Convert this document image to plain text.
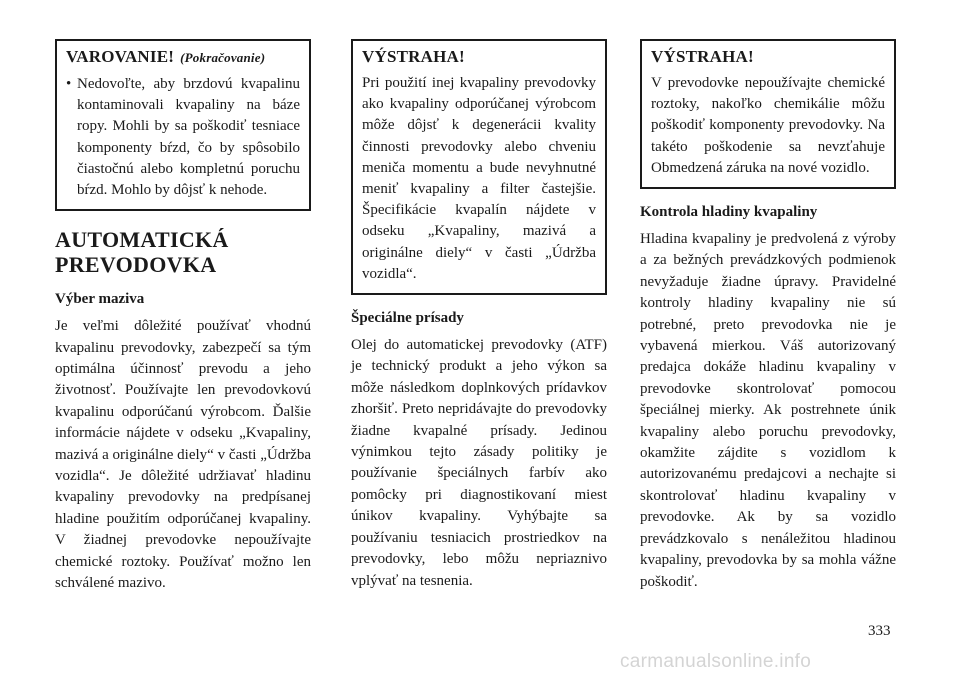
VAROVANIE! (Pokračovanie)
• Nedovoľte, aby brzdovú kvapalinu kontaminovali kvapaliny na báze ropy. Mohli by sa poškodiť tesniace komponenty bŕzd, čo by spôsobilo čiastočnú alebo kompletnú poruchu bŕzd. Mohlo by dôjsť k nehode.

AUTOMATICKÁ PREVODOVKA
Výber maziva

Je veľmi dôležité používať vhodnú kvapalinu prevodovky, zabezpečí sa tým optimálna účinnosť prevodu a jeho životnosť. Používajte len prevodovkovú kvapalinu odporúčanú výrobcom. Ďalšie informácie nájdete v odseku „Kvapaliny, mazivá a originálne diely“ v časti „Údržba vozidla“. Je dôležité udržiavať hladinu kvapaliny prevodovky na predpísanej hladine použitím odporúčanej kvapaliny. V žiadnej prevodovke nepoužívajte chemické roztoky. Používať možno len schválené mazivo.

VÝSTRAHA!

Pri použití inej kvapaliny prevodovky ako kvapaliny odporúčanej výrobcom môže dôjsť k degenerácii kvality činnosti prevodovky alebo chveniu meniča momentu a bude nevyhnutné meniť kvapaliny a filter častejšie. Špecifikácie kvapalín nájdete v odseku „Kvapaliny, mazivá a originálne diely“ v časti „Údržba vozidla“.

Špeciálne prísady

Olej do automatickej prevodovky (ATF) je technický produkt a jeho výkon sa môže následkom doplnkových prídavkov zhoršiť. Preto nepridávajte do prevodovky žiadne kvapalné prísady. Jedinou výnimkou tejto zásady politiky je používanie špeciálnych farbív ako pomôcky pri diagnostikovaní miest únikov kvapaliny. Vyhýbajte sa používaniu tesniacich prostriedkov na prevodovky, lebo môžu nepriaznivo vplývať na tesnenia.

VÝSTRAHA!

V prevodovke nepoužívajte chemické roztoky, nakoľko chemikálie môžu poškodiť komponenty prevodovky. Na takéto poškodenie sa nevzťahuje Obmedzená záruka na nové vozidlo.

Kontrola hladiny kvapaliny

Hladina kvapaliny je predvolená z výroby a za bežných prevádzkových podmienok nevyžaduje žiadne úpravy. Pravidelné kontroly hladiny kvapaliny nie sú potrebné, preto prevodovka nie je vybavená mierkou. Váš autorizovaný predajca dokáže hladinu kvapaliny v prevodovke skontrolovať pomocou špeciálnej mierky. Ak postrehnete únik kvapaliny alebo poruchu prevodovky, okamžite zájdite s vozidlom k autorizovanému predajcovi a nechajte si skontrolovať hladinu kvapaliny v prevodovke. Ak by sa vozidlo prevádzkovalo s nenáležitou hladinou kvapaliny, prevodovka by sa mohla vážne poškodiť.

333
carmanualsonline.info
